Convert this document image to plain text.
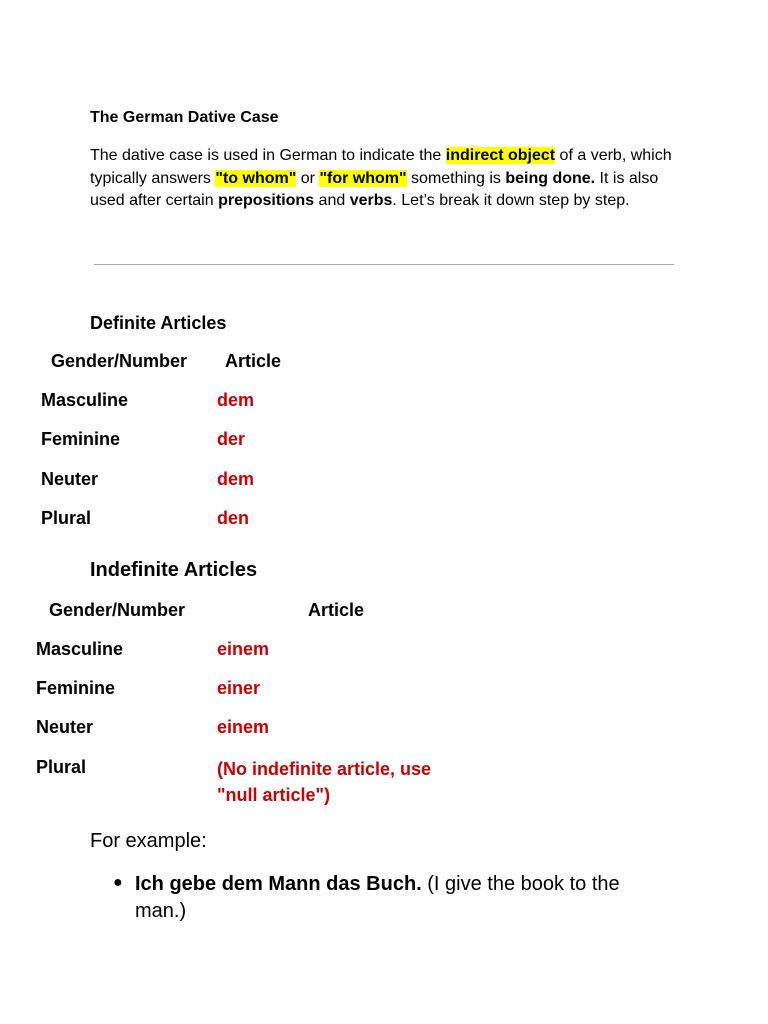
The German Dative Case
The dative case is used in German to indicate the indirect object of a verb, which typically answers "to whom" or "for whom" something is being done. It is also used after certain prepositions and verbs. Let’s break it down step by step.
Definite Articles
Gender/Number Article
Masculine	dem
Feminine	der
Neuter	dem
Plural	den
Indefinite Articles
Gender/Number	Article
Masculine	einem
Feminine	einer
Neuter	einem
Plural	(No indefinite article, use "null article")
For example:
● Ich gebe dem Mann das Buch. (I give the book to the man.)
